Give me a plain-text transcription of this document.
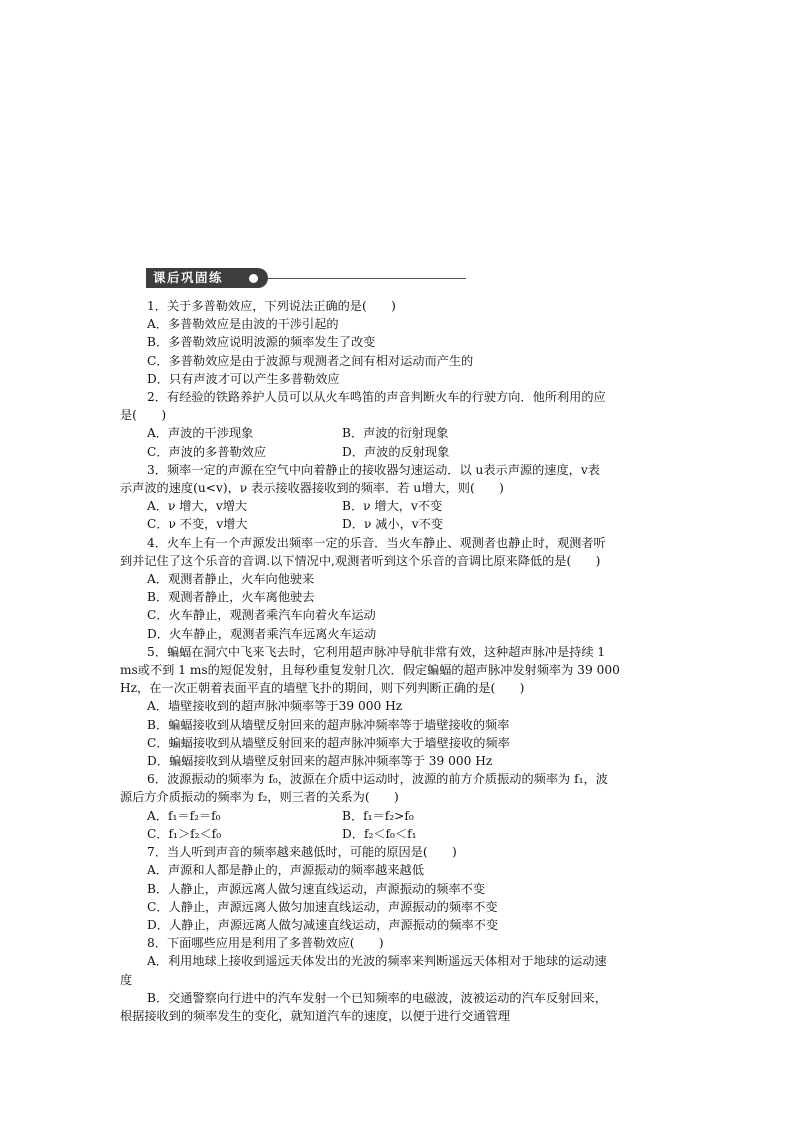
课后巩固练
1．关于多普勒效应，下列说法正确的是(　　)
A．多普勒效应是由波的干涉引起的
B．多普勒效应说明波源的频率发生了改变
C．多普勒效应是由于波源与观测者之间有相对运动而产生的
D．只有声波才可以产生多普勒效应
2．有经验的铁路养护人员可以从火车鸣笛的声音判断火车的行驶方向．他所利用的应
是(　　)
A．声波的干涉现象	B．声波的衍射现象
C．声波的多普勒效应	D．声波的反射现象
3．频率一定的声源在空气中向着静止的接收器匀速运动．以 u表示声源的速度，v表
示声波的速度(u<v)，ν 表示接收器接收到的频率．若 u增大，则(　　)
A．ν 增大，v增大	B．ν 增大，v不变
C．ν 不变，v增大	D．ν 减小，v不变
4．火车上有一个声源发出频率一定的乐音．当火车静止、观测者也静止时，观测者听
到并记住了这个乐音的音调.以下情况中,观测者听到这个乐音的音调比原来降低的是(　　)
A．观测者静止，火车向他驶来
B．观测者静止，火车离他驶去
C．火车静止，观测者乘汽车向着火车运动
D．火车静止，观测者乘汽车远离火车运动
5．蝙蝠在洞穴中飞来飞去时，它利用超声脉冲导航非常有效，这种超声脉冲是持续 1
ms或不到 1 ms的短促发射，且每秒重复发射几次．假定蝙蝠的超声脉冲发射频率为 39 000
Hz，在一次正朝着表面平直的墙壁飞扑的期间，则下列判断正确的是(　　)
A．墙壁接收到的超声脉冲频率等于39 000 Hz
B．蝙蝠接收到从墙壁反射回来的超声脉冲频率等于墙壁接收的频率
C．蝙蝠接收到从墙壁反射回来的超声脉冲频率大于墙壁接收的频率
D．蝙蝠接收到从墙壁反射回来的超声脉冲频率等于 39 000 Hz
6．波源振动的频率为 f₀，波源在介质中运动时，波源的前方介质振动的频率为 f₁，波
源后方介质振动的频率为 f₂，则三者的关系为(　　)
A．f₁＝f₂＝f₀	B．f₁＝f₂>f₀
C．f₁＞f₂＜f₀	D．f₂＜f₀＜f₁
7．当人听到声音的频率越来越低时，可能的原因是(　　)
A．声源和人都是静止的，声源振动的频率越来越低
B．人静止，声源远离人做匀速直线运动，声源振动的频率不变
C．人静止，声源远离人做匀加速直线运动，声源振动的频率不变
D．人静止，声源远离人做匀减速直线运动，声源振动的频率不变
8．下面哪些应用是利用了多普勒效应(　　)
A．利用地球上接收到遥远天体发出的光波的频率来判断遥远天体相对于地球的运动速
度
B．交通警察向行进中的汽车发射一个已知频率的电磁波，波被运动的汽车反射回来，
根据接收到的频率发生的变化，就知道汽车的速度，以便于进行交通管理
